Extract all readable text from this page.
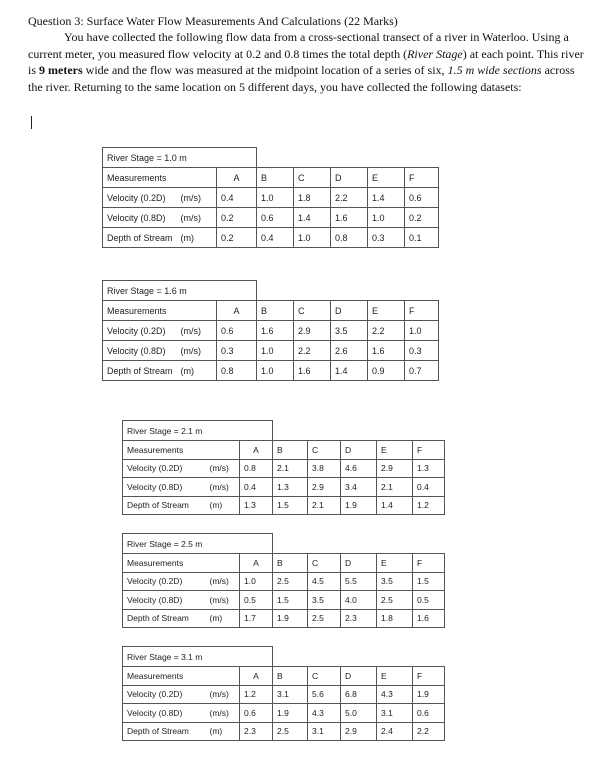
Question 3: Surface Water Flow Measurements And Calculations (22 Marks)

You have collected the following flow data from a cross-sectional transect of a river in Waterloo. Using a current meter, you measured flow velocity at 0.2 and 0.8 times the total depth (River Stage) at each point. This river is 9 meters wide and the flow was measured at the midpoint location of a series of six, 1.5 m wide sections across the river. Returning to the same location on 5 different days, you have collected the following datasets:

River Stage = 1.0 m							
Measurements		A	B	C	D	E	F
Velocity (0.2D)	(m/s)	0.4	1.0	1.8	2.2	1.4	0.6
Velocity (0.8D)	(m/s)	0.2	0.6	1.4	1.6	1.0	0.2
Depth of Stream	(m)	0.2	0.4	1.0	0.8	0.3	0.1
River Stage = 1.6 m							
Measurements		A	B	C	D	E	F
Velocity (0.2D)	(m/s)	0.6	1.6	2.9	3.5	2.2	1.0
Velocity (0.8D)	(m/s)	0.3	1.0	2.2	2.6	1.6	0.3
Depth of Stream	(m)	0.8	1.0	1.6	1.4	0.9	0.7
River Stage = 2.1 m							
Measurements		A	B	C	D	E	F
Velocity (0.2D)	(m/s)	0.8	2.1	3.8	4.6	2.9	1.3
Velocity (0.8D)	(m/s)	0.4	1.3	2.9	3.4	2.1	0.4
Depth of Stream	(m)	1.3	1.5	2.1	1.9	1.4	1.2
River Stage = 2.5 m							
Measurements		A	B	C	D	E	F
Velocity (0.2D)	(m/s)	1.0	2.5	4.5	5.5	3.5	1.5
Velocity (0.8D)	(m/s)	0.5	1.5	3.5	4.0	2.5	0.5
Depth of Stream	(m)	1.7	1.9	2.5	2.3	1.8	1.6
River Stage = 3.1 m							
Measurements		A	B	C	D	E	F
Velocity (0.2D)	(m/s)	1.2	3.1	5.6	6.8	4.3	1.9
Velocity (0.8D)	(m/s)	0.6	1.9	4.3	5.0	3.1	0.6
Depth of Stream	(m)	2.3	2.5	3.1	2.9	2.4	2.2
